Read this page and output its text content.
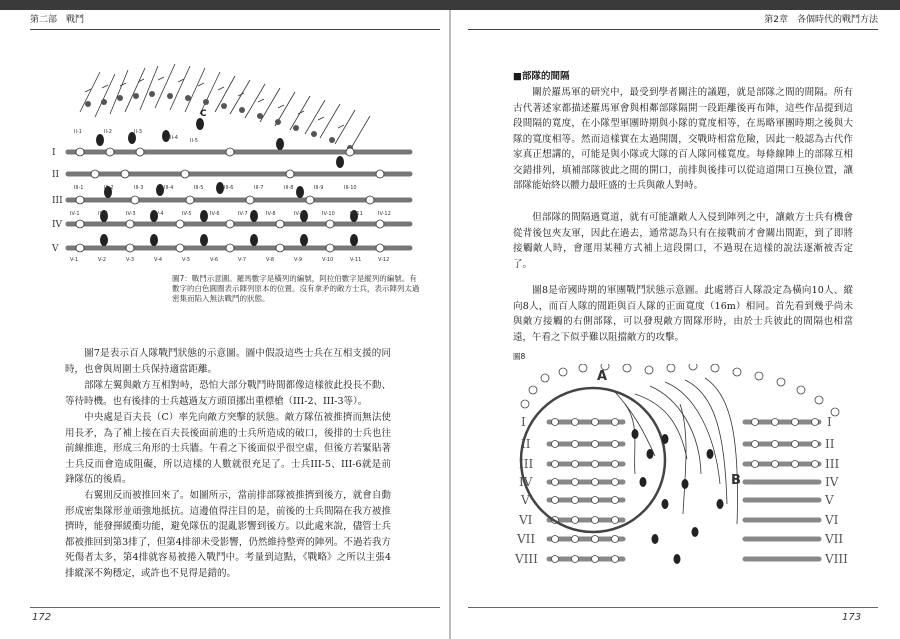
第二部　戰鬥	第2章　各個時代的戰鬥方法
I
II
III
IV
V
C
II-1	II-2	II-3
II-4 II-5
III-1	III-2	III-3	III-4	III-5	III-6	III-7	III-8	III-9	III-10
IV-1	IV-2	IV-3	IV-4	IV-5	IV-6	IV-7	IV-8	IV-9	IV-10	IV-11	IV-12
V-1	V-2	V-3	V-4	V-5	V-6	V-7	V-8	V-9	V-10	V-11	V-12
圖7：戰鬥示意圖。羅馬數字是橫列的編號，阿拉伯數字是縱列的編號。有數字的白色圓圈表示陣列原本的位置。沒有拿矛的敵方士兵，表示陣列太過密集而陷入無法戰鬥的狀態。
圖7是表示百人隊戰鬥狀態的示意圖。圖中假設這些士兵在互相支援的同時，也會與周圍士兵保持適當距離。
部隊左翼與敵方互相對峙，恐怕大部分戰鬥時間都像這樣彼此投長不動、等待時機。也有後排的士兵越過友方頭頂挪出重標槍（III-2、III-3等）。
中央處是百夫長（C）率先向敵方突擊的狀態。敵方隊伍被推擠而無法使用長矛，為了補上接在百夫長後面前進的士兵所造成的破口，後排的士兵也往前線推進，形成三角形的士兵牆。午看之下後面似乎很空虛，但後方若緊貼著士兵反而會造成阻礙，所以這樣的人數就很充足了。士兵III-5、III-6就是前鋒隊伍的後盾。
右翼則反而被推回來了。如圖所示，當前排部隊被推擠到後方，就會自動形成密集隊形並頑強地抵抗。這邊值得注目的是，前後的士兵間隔在我方被推擠時，能發揮緩衝功能，避免隊伍的混亂影響到後方。以此處來說，儘管士兵都被推回到第3排了，但第4排卻未受影響，仍然維持整齊的陣列。不過若我方死傷者太多，第4排就容易被捲入戰鬥中。考量到這點，《戰略》之所以主張4排縱深不夠穩定，或許也不見得是錯的。
■部隊的間隔
關於羅馬軍的研究中，最受到學者關注的議題，就是部隊之間的間隔。所有古代著述家都描述羅馬軍會與相鄰部隊隔開一段距離後再布陣，這些作品提到這段間隔的寬度，在小隊型軍團時期與小隊的寬度相等，在馬略軍團時期之後與大隊的寬度相等。然而這樣實在太過開闊，交戰時相當危險，因此一般認為古代作家真正想講的，可能是與小隊或大隊的百人隊同樣寬度。每條線陣上的部隊互相交錯排列，填補部隊彼此之間的開口，前排與後排可以從這道開口互換位置，讓部隊能始終以體力最旺盛的士兵與敵人對峙。
但部隊的間隔過寬道，就有可能讓敵人入侵到陣列之中，讓敵方士兵有機會從背後包夾友軍，因此在過去，通常認為只有在接戰前才會關出間距，到了即將接觸敵人時，會運用某種方式補上這段開口，不過現在這樣的說法逐漸被否定了。
圖8是帝國時期的軍團戰鬥狀態示意圖。此處將百人隊設定為橫向10人、縱向8人，而百人隊的間距與百人隊的正面寬度（16m）相同。首先看到幾乎尚未與敵方接觸的右側部隊，可以發現敵方間隊形時，由於士兵彼此的間隔也相當遠，午看之下似乎難以阻擋敵方的攻擊。
圖8
I
II
III
IV
V
VI
VII
VIII
I
II
III
IV
V
VI
VII
VIII
A
B
172	173
